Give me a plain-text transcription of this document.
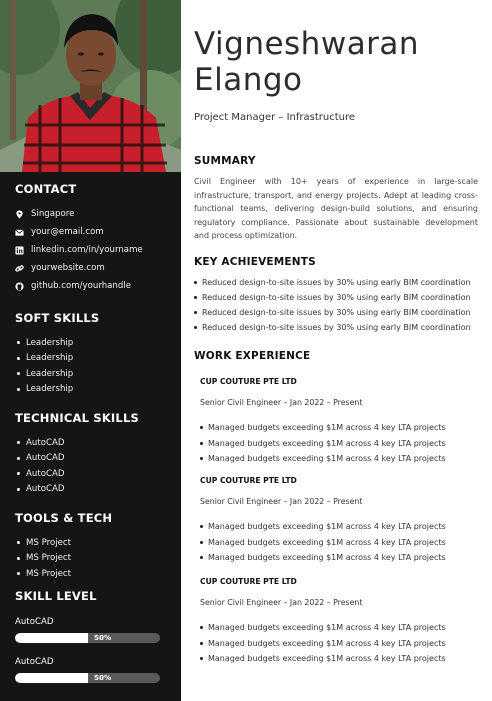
CONTACT
Singapore
your@email.com
linkedin.com/in/yourname
yourwebsite.com
github.com/yourhandle
SOFT SKILLS
Leadership
Leadership
Leadership
Leadership
TECHNICAL SKILLS
AutoCAD
AutoCAD
AutoCAD
AutoCAD
TOOLS & TECH
MS Project
MS Project
MS Project
SKILL LEVEL
AutoCAD
50%
AutoCAD
50%
Vigneshwaran
Elango
Project Manager – Infrastructure
SUMMARY
Civil Engineer with 10+ years of experience in large-scale infrastructure, transport, and energy projects. Adept at leading cross-functional teams, delivering design-build solutions, and ensuring regulatory compliance. Passionate about sustainable development and process optimization.
KEY ACHIEVEMENTS
Reduced design-to-site issues by 30% using early BIM coordination
Reduced design-to-site issues by 30% using early BIM coordination
Reduced design-to-site issues by 30% using early BIM coordination
Reduced design-to-site issues by 30% using early BIM coordination
WORK EXPERIENCE
CUP COUTURE PTE LTD
Senior Civil Engineer – Jan 2022 – Present
Managed budgets exceeding $1M across 4 key LTA projects
Managed budgets exceeding $1M across 4 key LTA projects
Managed budgets exceeding $1M across 4 key LTA projects
CUP COUTURE PTE LTD
Senior Civil Engineer – Jan 2022 – Present
Managed budgets exceeding $1M across 4 key LTA projects
Managed budgets exceeding $1M across 4 key LTA projects
Managed budgets exceeding $1M across 4 key LTA projects
CUP COUTURE PTE LTD
Senior Civil Engineer – Jan 2022 – Present
Managed budgets exceeding $1M across 4 key LTA projects
Managed budgets exceeding $1M across 4 key LTA projects
Managed budgets exceeding $1M across 4 key LTA projects
